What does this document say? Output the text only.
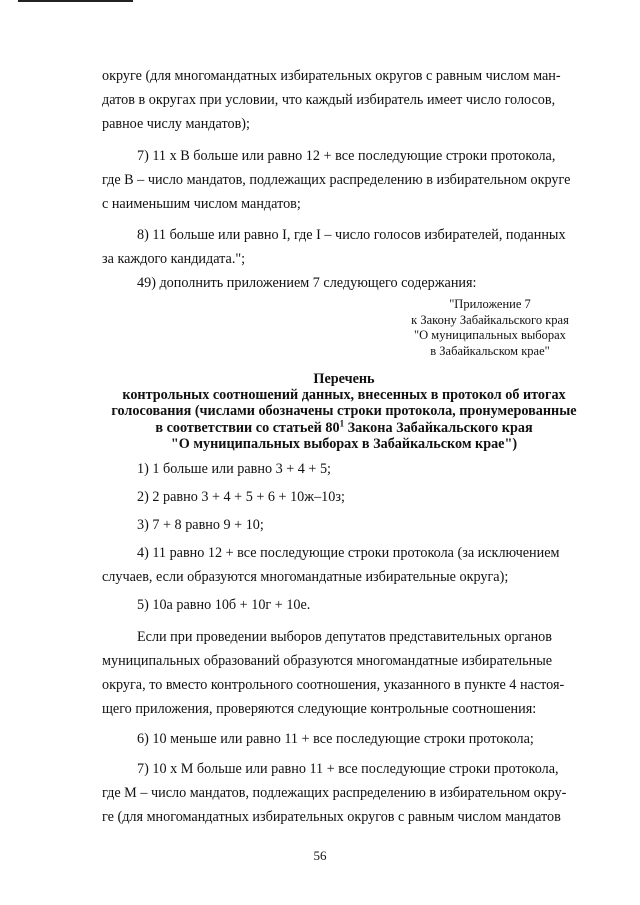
округе (для многомандатных избирательных округов с равным числом ман-

датов в округах при условии, что каждый избиратель имеет число голосов,

равное числу мандатов);

7) 11 х В больше или равно 12 + все последующие строки протокола,

где В – число мандатов, подлежащих распределению в избирательном округе

с наименьшим числом мандатов;

8) 11 больше или равно I, где I – число голосов избирателей, поданных

за каждого кандидата.";

49) дополнить приложением 7 следующего содержания:

"Приложение 7
к Закону Забайкальского края
"О муниципальных выборах
в Забайкальском крае"
Перечень
контрольных соотношений данных, внесенных в протокол об итогах
голосования (числами обозначены строки протокола, пронумерованные
в соответствии со статьей $80^1$ Закона Забайкальского края
"О муниципальных выборах в Забайкальском крае")

1) 1 больше или равно 3 + 4 + 5;

2) 2 равно 3 + 4 + 5 + 6 + 10ж–10з;

3) 7 + 8 равно 9 + 10;

4) 11 равно 12 + все последующие строки протокола (за исключением

случаев, если образуются многомандатные избирательные округа);

5) 10а равно 10б + 10г + 10е.

Если при проведении выборов депутатов представительных органов

муниципальных образований образуются многомандатные избирательные

округа, то вместо контрольного соотношения, указанного в пункте 4 настоя-

щего приложения, проверяются следующие контрольные соотношения:

6) 10 меньше или равно 11 + все последующие строки протокола;

7) 10 х М больше или равно 11 + все последующие строки протокола,

где М – число мандатов, подлежащих распределению в избирательном окру-

ге (для многомандатных избирательных округов с равным числом мандатов

56
